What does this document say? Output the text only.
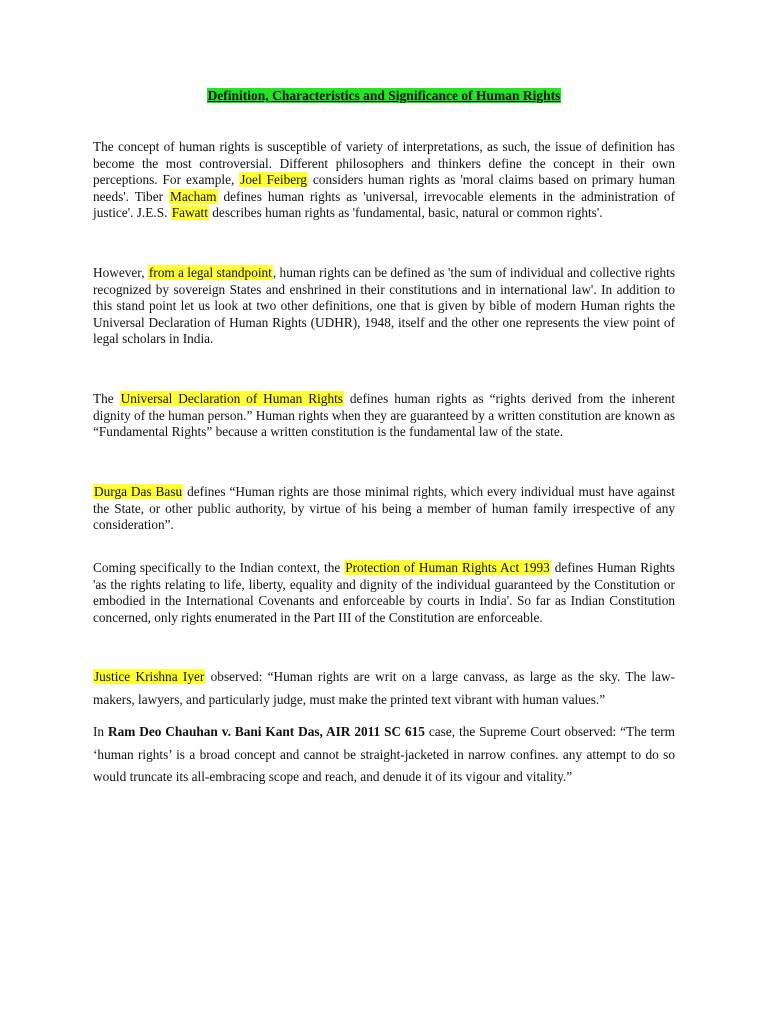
Definition, Characteristics and Significance of Human Rights

The concept of human rights is susceptible of variety of interpretations, as such, the issue of definition has become the most controversial. Different philosophers and thinkers define the concept in their own perceptions. For example, Joel Feiberg considers human rights as 'moral claims based on primary human needs'. Tiber Macham defines human rights as 'universal, irrevocable elements in the administration of justice'. J.E.S. Fawatt describes human rights as 'fundamental, basic, natural or common rights'.

However, from a legal standpoint, human rights can be defined as 'the sum of individual and collective rights recognized by sovereign States and enshrined in their constitutions and in international law'. In addition to this stand point let us look at two other definitions, one that is given by bible of modern Human rights the Universal Declaration of Human Rights (UDHR), 1948, itself and the other one represents the view point of legal scholars in India.

The Universal Declaration of Human Rights defines human rights as “rights derived from the inherent dignity of the human person.” Human rights when they are guaranteed by a written constitution are known as “Fundamental Rights” because a written constitution is the fundamental law of the state.

Durga Das Basu defines “Human rights are those minimal rights, which every individual must have against the State, or other public authority, by virtue of his being a member of human family irrespective of any consideration”.

Coming specifically to the Indian context, the Protection of Human Rights Act 1993 defines Human Rights 'as the rights relating to life, liberty, equality and dignity of the individual guaranteed by the Constitution or embodied in the International Covenants and enforceable by courts in India'. So far as Indian Constitution concerned, only rights enumerated in the Part III of the Constitution are enforceable.

Justice Krishna Iyer observed: “Human rights are writ on a large canvass, as large as the sky. The law-makers, lawyers, and particularly judge, must make the printed text vibrant with human values.”

In Ram Deo Chauhan v. Bani Kant Das, AIR 2011 SC 615 case, the Supreme Court observed: “The term ‘human rights’ is a broad concept and cannot be straight-jacketed in narrow confines. any attempt to do so would truncate its all-embracing scope and reach, and denude it of its vigour and vitality.”
